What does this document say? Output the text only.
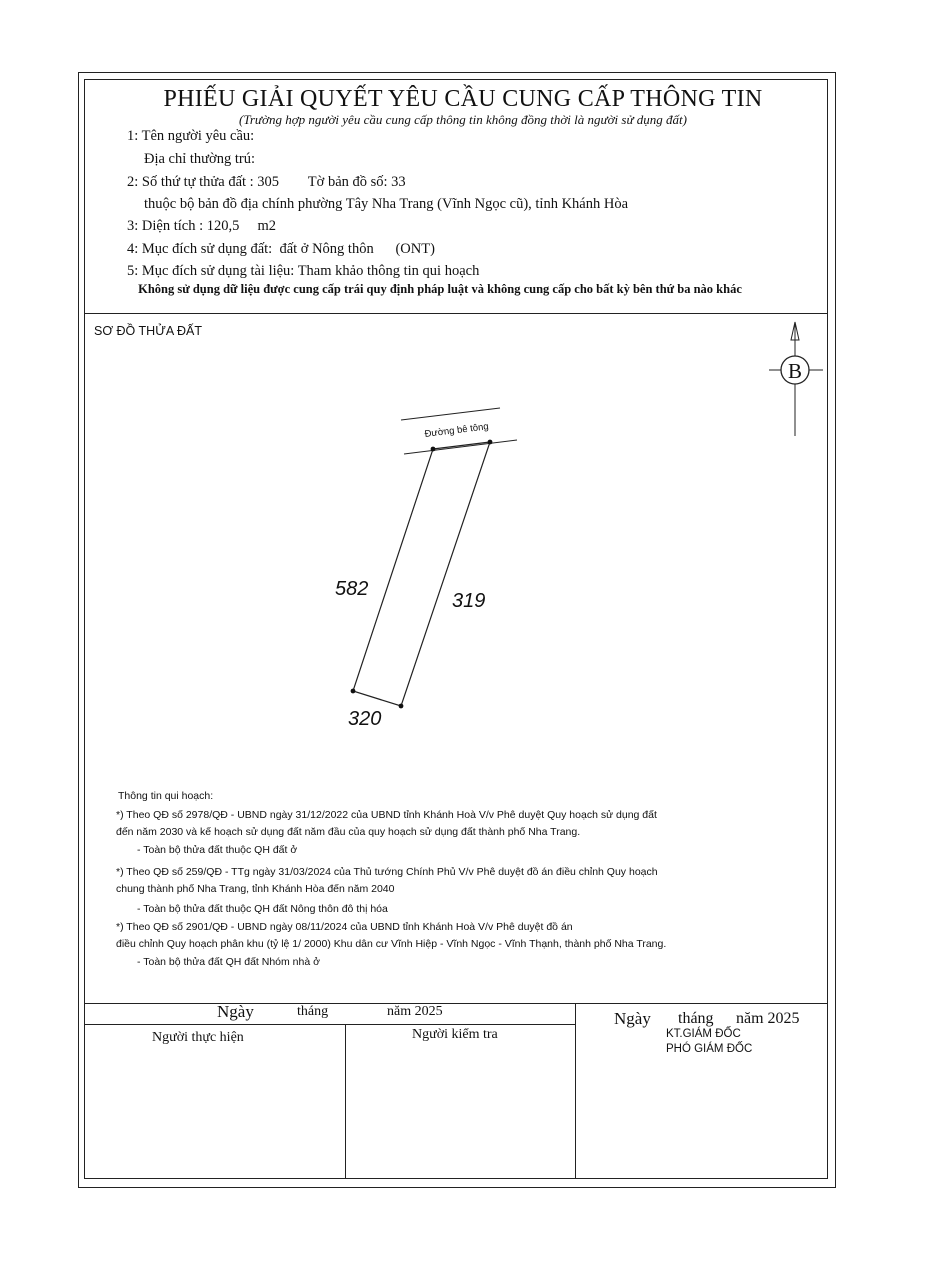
PHIẾU GIẢI QUYẾT YÊU CẦU CUNG CẤP THÔNG TIN
(Trường hợp người yêu cầu cung cấp thông tin không đồng thời là người sử dụng đất)
1: Tên người yêu cầu:
Địa chỉ thường trú:
2: Số thứ tự thửa đất : 305        Tờ bản đồ số: 33
thuộc bộ bản đồ địa chính phường Tây Nha Trang (Vĩnh Ngọc cũ), tỉnh Khánh Hòa
3: Diện tích : 120,5     m2
4: Mục đích sử dụng đất:  đất ở Nông thôn      (ONT)
5: Mục đích sử dụng tài liệu: Tham khảo thông tin qui hoạch
Không sử dụng dữ liệu được cung cấp trái quy định pháp luật và không cung cấp cho bất kỳ bên thứ ba nào khác
SƠ ĐỒ THỬA ĐẤT
Đường bê tông
582
319
320
B
Thông tin qui hoạch:
*) Theo QĐ số 2978/QĐ - UBND ngày 31/12/2022 của UBND tỉnh Khánh Hoà V/v Phê duyệt Quy hoạch sử dụng đất
đến năm 2030 và kế hoạch sử dụng đất năm đầu của quy hoạch sử dụng đất thành phố Nha Trang.
- Toàn bộ thửa đất thuộc QH đất ở
*) Theo QĐ số 259/QĐ - TTg ngày 31/03/2024 của Thủ tướng Chính Phủ V/v Phê duyệt đồ án điều chỉnh Quy hoạch
chung thành phố Nha Trang, tỉnh Khánh Hòa đến năm 2040
- Toàn bộ thửa đất thuộc QH đất Nông thôn đô thị hóa
*) Theo QĐ số 2901/QĐ - UBND ngày 08/11/2024 của UBND tỉnh Khánh Hoà V/v Phê duyệt đồ án
điều chỉnh Quy hoạch phân khu (tỷ lệ 1/ 2000) Khu dân cư Vĩnh Hiệp - Vĩnh Ngọc - Vĩnh Thạnh, thành phố Nha Trang.
- Toàn bộ thửa đất QH đất Nhóm nhà ở
Ngày	tháng	năm 2025
Người thực hiện	Người kiểm tra
Ngày tháng năm 2025
KT.GIÁM ĐỐC
PHÓ GIÁM ĐỐC
